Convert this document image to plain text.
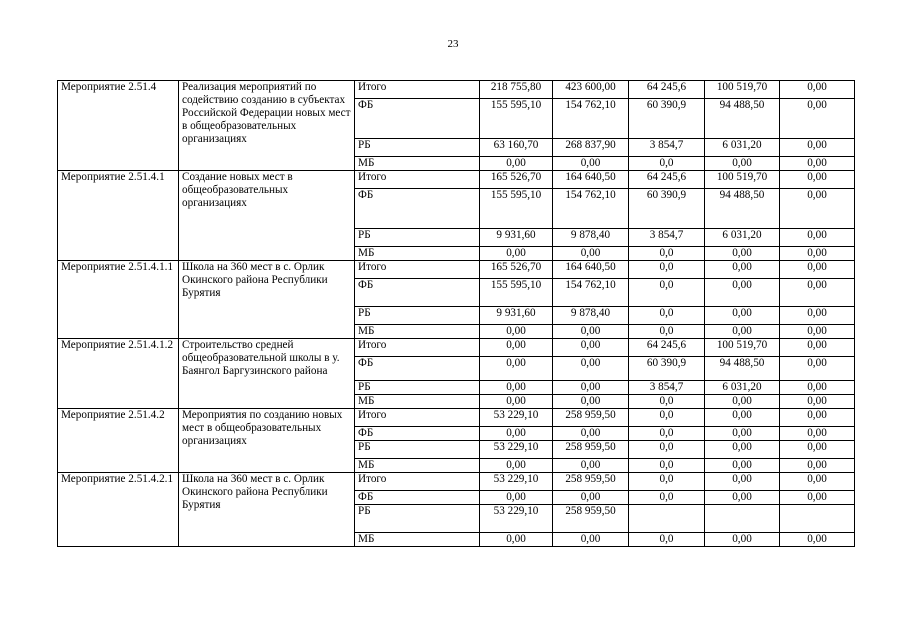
23
Мероприятие 2.51.4	Реализация мероприятий по содействию созданию в субъектах Российской Федерации новых мест в общеобразовательных организациях	Итого	218 755,80	423 600,00	64 245,6	100 519,70	0,00
		ФБ	155 595,10	154 762,10	60 390,9	94 488,50	0,00
		РБ	63 160,70	268 837,90	3 854,7	6 031,20	0,00
		МБ	0,00	0,00	0,0	0,00	0,00
Мероприятие 2.51.4.1	Создание новых мест в общеобразовательных организациях	Итого	165 526,70	164 640,50	64 245,6	100 519,70	0,00
		ФБ	155 595,10	154 762,10	60 390,9	94 488,50	0,00
		РБ	9 931,60	9 878,40	3 854,7	6 031,20	0,00
		МБ	0,00	0,00	0,0	0,00	0,00
Мероприятие 2.51.4.1.1	Школа на 360 мест в с. Орлик Окинского района Республики Бурятия	Итого	165 526,70	164 640,50	0,0	0,00	0,00
		ФБ	155 595,10	154 762,10	0,0	0,00	0,00
		РБ	9 931,60	9 878,40	0,0	0,00	0,00
		МБ	0,00	0,00	0,0	0,00	0,00
Мероприятие 2.51.4.1.2	Строительство средней общеобразовательной школы в у. Баянгол Баргузинского района	Итого	0,00	0,00	64 245,6	100 519,70	0,00
		ФБ	0,00	0,00	60 390,9	94 488,50	0,00
		РБ	0,00	0,00	3 854,7	6 031,20	0,00
		МБ	0,00	0,00	0,0	0,00	0,00
Мероприятие 2.51.4.2	Мероприятия по созданию новых мест в общеобразовательных организациях	Итого	53 229,10	258 959,50	0,0	0,00	0,00
		ФБ	0,00	0,00	0,0	0,00	0,00
		РБ	53 229,10	258 959,50	0,0	0,00	0,00
		МБ	0,00	0,00	0,0	0,00	0,00
Мероприятие 2.51.4.2.1	Школа на 360 мест в с. Орлик Окинского района Республики Бурятия	Итого	53 229,10	258 959,50	0,0	0,00	0,00
		ФБ	0,00	0,00	0,0	0,00	0,00
		РБ	53 229,10	258 959,50			
		МБ	0,00	0,00	0,0	0,00	0,00
